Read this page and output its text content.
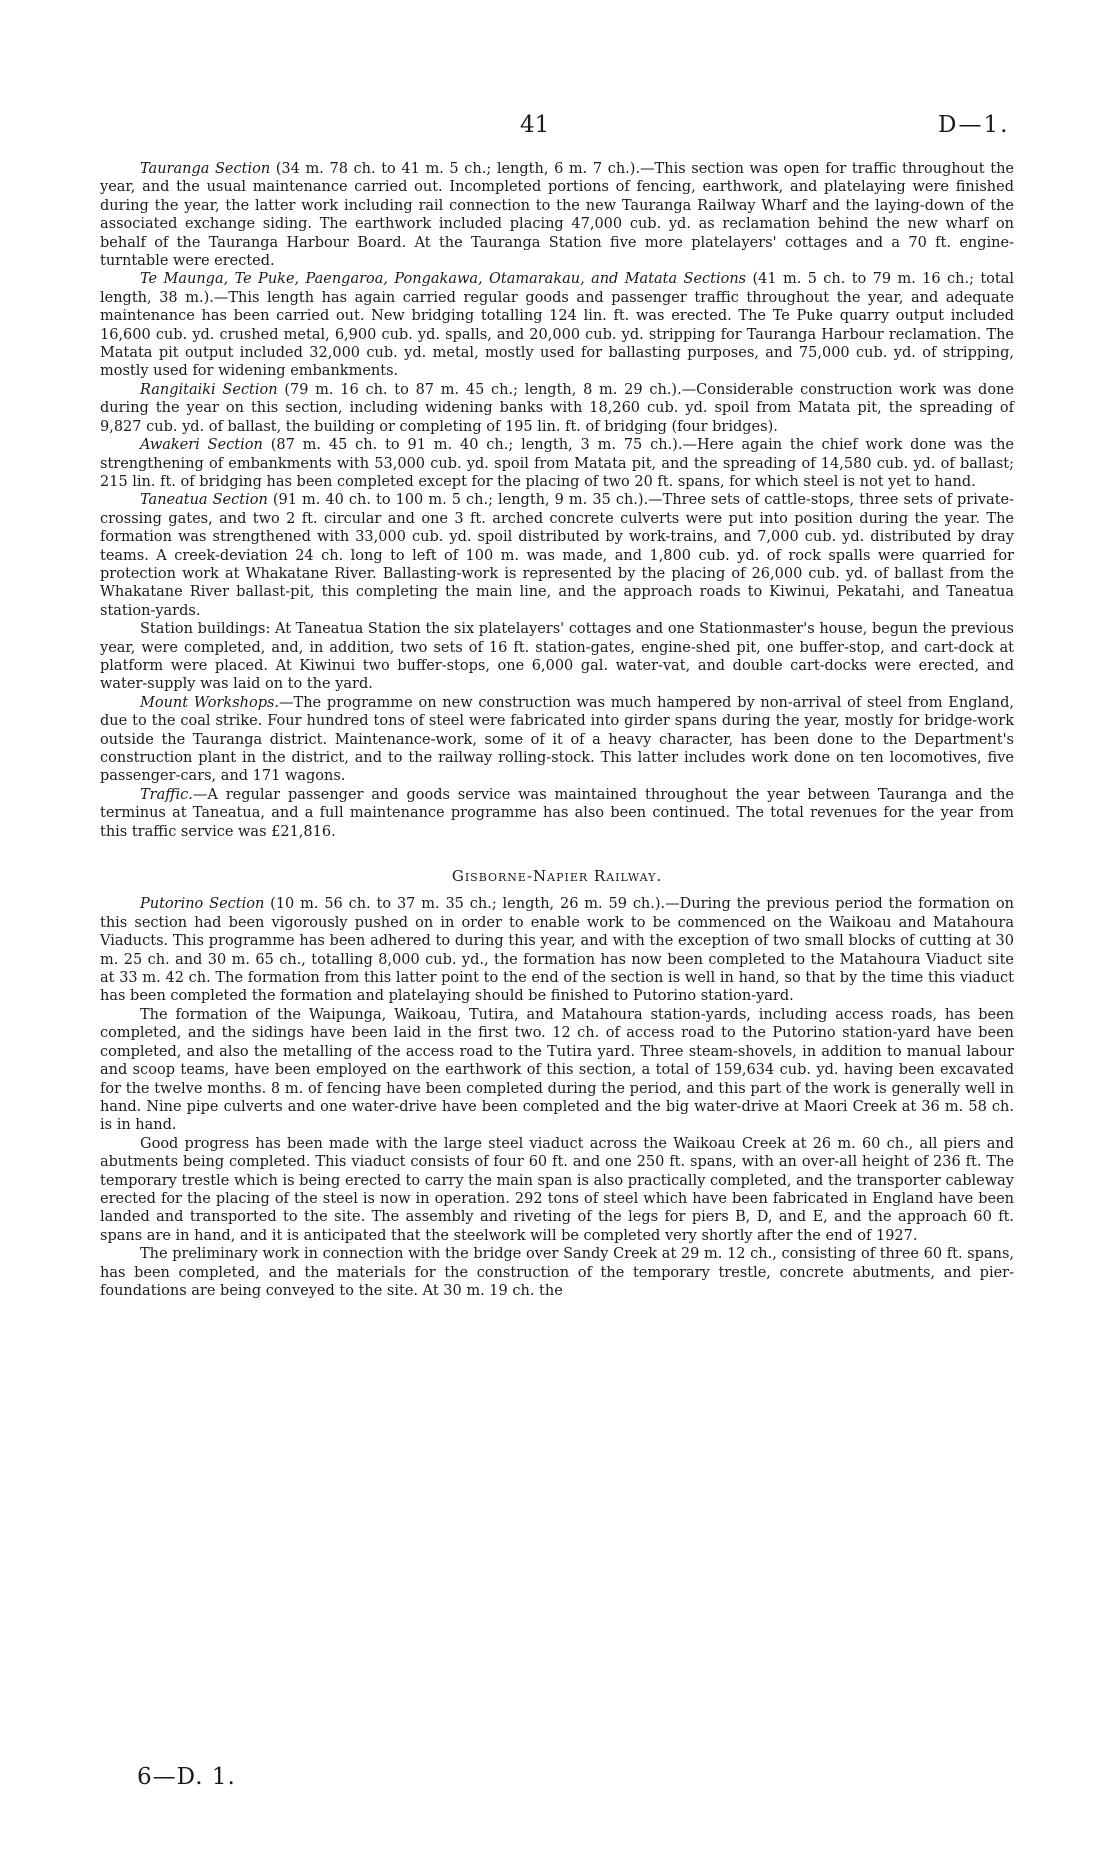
41	D—1.

Tauranga Section (34 m. 78 ch. to 41 m. 5 ch.; length, 6 m. 7 ch.).—This section was open for traffic throughout the year, and the usual maintenance carried out. Incompleted portions of fencing, earthwork, and platelaying were finished during the year, the latter work including rail connection to the new Tauranga Railway Wharf and the laying-down of the associated exchange siding. The earthwork included placing 47,000 cub. yd. as reclamation behind the new wharf on behalf of the Tauranga Harbour Board. At the Tauranga Station five more platelayers' cottages and a 70 ft. engine-turntable were erected.

Te Maunga, Te Puke, Paengaroa, Pongakawa, Otamarakau, and Matata Sections (41 m. 5 ch. to 79 m. 16 ch.; total length, 38 m.).—This length has again carried regular goods and passenger traffic throughout the year, and adequate maintenance has been carried out. New bridging totalling 124 lin. ft. was erected. The Te Puke quarry output included 16,600 cub. yd. crushed metal, 6,900 cub. yd. spalls, and 20,000 cub. yd. stripping for Tauranga Harbour reclamation. The Matata pit output included 32,000 cub. yd. metal, mostly used for ballasting purposes, and 75,000 cub. yd. of stripping, mostly used for widening embankments.

Rangitaiki Section (79 m. 16 ch. to 87 m. 45 ch.; length, 8 m. 29 ch.).—Considerable construction work was done during the year on this section, including widening banks with 18,260 cub. yd. spoil from Matata pit, the spreading of 9,827 cub. yd. of ballast, the building or completing of 195 lin. ft. of bridging (four bridges).

Awakeri Section (87 m. 45 ch. to 91 m. 40 ch.; length, 3 m. 75 ch.).—Here again the chief work done was the strengthening of embankments with 53,000 cub. yd. spoil from Matata pit, and the spreading of 14,580 cub. yd. of ballast; 215 lin. ft. of bridging has been completed except for the placing of two 20 ft. spans, for which steel is not yet to hand.

Taneatua Section (91 m. 40 ch. to 100 m. 5 ch.; length, 9 m. 35 ch.).—Three sets of cattle-stops, three sets of private-crossing gates, and two 2 ft. circular and one 3 ft. arched concrete culverts were put into position during the year. The formation was strengthened with 33,000 cub. yd. spoil distributed by work-trains, and 7,000 cub. yd. distributed by dray teams. A creek-deviation 24 ch. long to left of 100 m. was made, and 1,800 cub. yd. of rock spalls were quarried for protection work at Whakatane River. Ballasting-work is represented by the placing of 26,000 cub. yd. of ballast from the Whakatane River ballast-pit, this completing the main line, and the approach roads to Kiwinui, Pekatahi, and Taneatua station-yards.

Station buildings: At Taneatua Station the six platelayers' cottages and one Stationmaster's house, begun the previous year, were completed, and, in addition, two sets of 16 ft. station-gates, engine-shed pit, one buffer-stop, and cart-dock at platform were placed. At Kiwinui two buffer-stops, one 6,000 gal. water-vat, and double cart-docks were erected, and water-supply was laid on to the yard.

Mount Workshops.—The programme on new construction was much hampered by non-arrival of steel from England, due to the coal strike. Four hundred tons of steel were fabricated into girder spans during the year, mostly for bridge-work outside the Tauranga district. Maintenance-work, some of it of a heavy character, has been done to the Department's construction plant in the district, and to the railway rolling-stock. This latter includes work done on ten locomotives, five passenger-cars, and 171 wagons.

Traffic.—A regular passenger and goods service was maintained throughout the year between Tauranga and the terminus at Taneatua, and a full maintenance programme has also been continued. The total revenues for the year from this traffic service was £21,816.

Gisborne-Napier Railway.

Putorino Section (10 m. 56 ch. to 37 m. 35 ch.; length, 26 m. 59 ch.).—During the previous period the formation on this section had been vigorously pushed on in order to enable work to be commenced on the Waikoau and Matahoura Viaducts. This programme has been adhered to during this year, and with the exception of two small blocks of cutting at 30 m. 25 ch. and 30 m. 65 ch., totalling 8,000 cub. yd., the formation has now been completed to the Matahoura Viaduct site at 33 m. 42 ch. The formation from this latter point to the end of the section is well in hand, so that by the time this viaduct has been completed the formation and platelaying should be finished to Putorino station-yard.

The formation of the Waipunga, Waikoau, Tutira, and Matahoura station-yards, including access roads, has been completed, and the sidings have been laid in the first two. 12 ch. of access road to the Putorino station-yard have been completed, and also the metalling of the access road to the Tutira yard. Three steam-shovels, in addition to manual labour and scoop teams, have been employed on the earthwork of this section, a total of 159,634 cub. yd. having been excavated for the twelve months. 8 m. of fencing have been completed during the period, and this part of the work is generally well in hand. Nine pipe culverts and one water-drive have been completed and the big water-drive at Maori Creek at 36 m. 58 ch. is in hand.

Good progress has been made with the large steel viaduct across the Waikoau Creek at 26 m. 60 ch., all piers and abutments being completed. This viaduct consists of four 60 ft. and one 250 ft. spans, with an over-all height of 236 ft. The temporary trestle which is being erected to carry the main span is also practically completed, and the transporter cableway erected for the placing of the steel is now in operation. 292 tons of steel which have been fabricated in England have been landed and transported to the site. The assembly and riveting of the legs for piers B, D, and E, and the approach 60 ft. spans are in hand, and it is anticipated that the steelwork will be completed very shortly after the end of 1927.

The preliminary work in connection with the bridge over Sandy Creek at 29 m. 12 ch., consisting of three 60 ft. spans, has been completed, and the materials for the construction of the temporary trestle, concrete abutments, and pier-foundations are being conveyed to the site. At 30 m. 19 ch. the

6—D. 1.
